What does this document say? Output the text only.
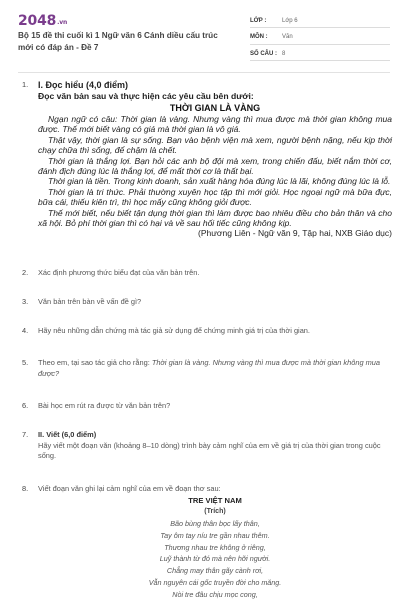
2048.vn
Bộ 15 đề thi cuối kì 1 Ngữ văn 6 Cánh diều cấu trúc mới có đáp án - Đề 7
LỚP :	Lớp 6
MÔN :	Văn
SỐ CÂU : 8
1.	I. Đọc hiểu (4,0 điểm)
Đọc văn bản sau và thực hiện các yêu cầu bên dưới:
THỜI GIAN LÀ VÀNG

Ngạn ngữ có câu: Thời gian là vàng. Nhưng vàng thì mua được mà thời gian không mua được. Thế mới biết vàng có giá mà thời gian là vô giá.

Thật vậy, thời gian là sự sống. Bạn vào bệnh viện mà xem, người bệnh nặng, nếu kịp thời chạy chữa thì sống, để chậm là chết.

Thời gian là thắng lợi. Bạn hỏi các anh bộ đội mà xem, trong chiến đấu, biết nắm thời cơ, đánh địch đúng lúc là thắng lợi, để mất thời cơ là thất bại.

Thời gian là tiền. Trong kinh doanh, sản xuất hàng hóa đúng lúc là lãi, không đúng lúc là lỗ.

Thời gian là tri thức. Phải thường xuyên học tập thì mới giỏi. Học ngoại ngữ mà bữa đực, bữa cái, thiếu kiên trì, thì học mấy cũng không giỏi được.

Thế mới biết, nếu biết tận dụng thời gian thì làm được bao nhiêu điều cho bản thân và cho xã hội. Bỏ phí thời gian thì có hại và về sau hối tiếc cũng không kịp.

(Phương Liên - Ngữ văn 9, Tập hai, NXB Giáo dục)
2.	Xác định phương thức biểu đạt của văn bản trên.
3.	Văn bản trên bàn về vấn đề gì?
4.	Hãy nêu những dẫn chứng mà tác giả sử dụng để chứng minh giá trị của thời gian.
5.	Theo em, tại sao tác giả cho rằng: Thời gian là vàng. Nhưng vàng thì mua được mà thời gian không mua được?
6.	Bài học em rút ra được từ văn bản trên?
7.	II. Viết (6,0 điểm)
Hãy viết một đoạn văn (khoảng 8–10 dòng) trình bày cảm nghĩ của em về giá trị của thời gian trong cuộc sống.
8.	Viết đoạn văn ghi lại cảm nghĩ của em về đoạn thơ sau:
TRE VIỆT NAM
(Trích)
Bão bùng thân bọc lấy thân,
Tay ôm tay níu tre gần nhau thêm.
Thương nhau tre không ở riêng,
Luỹ thành từ đó mà nên hỡi người.
Chẳng may thân gãy cành rơi,
Vẫn nguyên cái gốc truyền đời cho măng.
Nòi tre đâu chịu mọc cong,
